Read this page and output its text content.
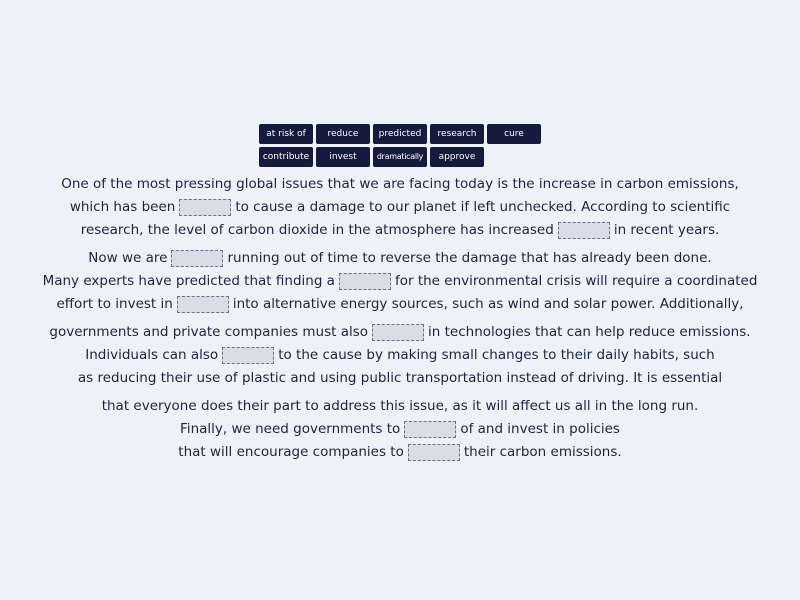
at risk of	reduce	predicted	research	cure
contribute	invest	dramatically	approve
One of the most pressing global issues that we are facing today is the increase in carbon emissions,
which has been	to cause a damage to our planet if left unchecked. According to scientific
research, the level of carbon dioxide in the atmosphere has increased	in recent years.
Now we are	running out of time to reverse the damage that has already been done.
Many experts have predicted that finding a	for the environmental crisis will require a coordinated
effort to invest in	into alternative energy sources, such as wind and solar power. Additionally,
governments and private companies must also	in technologies that can help reduce emissions.
Individuals can also	to the cause by making small changes to their daily habits, such
as reducing their use of plastic and using public transportation instead of driving. It is essential
that everyone does their part to address this issue, as it will affect us all in the long run.
Finally, we need governments to	of and invest in policies
that will encourage companies to	their carbon emissions.
